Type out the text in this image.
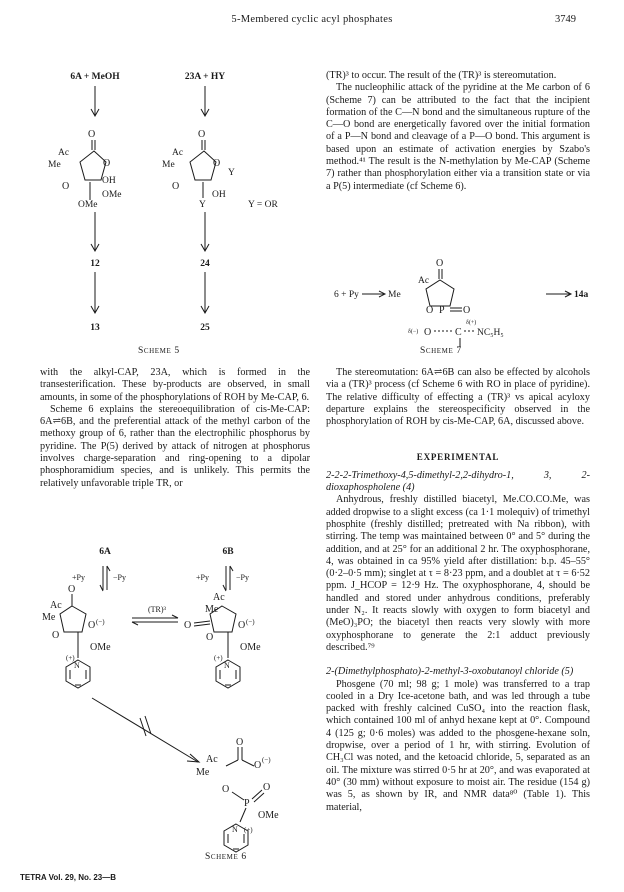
5-Membered cyclic acyl phosphates	3749
6A + MeOH	23A + HY
O
Ac
Me	O
OH
O
OMe
OMe
O
Ac
Me	O
Y
O
OH
Y	Y = OR
12	24
13	25
Scheme 5

with the alkyl-CAP, 23A, which is formed in the transesterification. These by-products are observed, in small amounts, in some of the phosphorylations of ROH by Me-CAP, 6.

Scheme 6 explains the stereoequilibration of cis-Me-CAP: 6A⇌6B, and the preferential attack of the methyl carbon of the methoxy group of 6, rather than the electrophilic phosphorus by pyridine. The P(5) derived by attack of nitrogen at phosphorus involves charge-separation and ring-opening to a dipolar phosphoramidium species, and is unlikely. This permits the relatively unfavorable triple TR, or

6A	6B
+Py	−Py	+Py	−Py
Ac
Me
O
O
O (−)
OMe
(+)
N
(TR)³
Ac
Me
O	O (−)
O
OMe
(+)
N
Ac
Me
O
O (−)
O
P
O
OMe
(+)
N
Scheme 6

(TR)³ to occur. The result of the (TR)³ is stereomutation.

The nucleophilic attack of the pyridine at the Me carbon of 6 (Scheme 7) can be attributed to the fact that the incipient formation of the C—N bond and the simultaneous rupture of the C—O bond are energetically favored over the initial formation of a P—N bond and cleavage of a P—O bond. This argument is based upon an estimate of activation energies by Szabo's method.⁴¹ The result is the N-methylation by Me-CAP (Scheme 7) rather than phosphorylation either via a transition state or via a P(5) intermediate (cf Scheme 6).

6 + Py
O
Ac
Me
O P O
δ(+)
δ(−) O C NC₅H₅
14a
Scheme 7

The stereomutation: 6A⇌6B can also be effected by alcohols via a (TR)³ process (cf Scheme 6 with RO in place of pyridine). The relative difficulty of effecting a (TR)³ vs apical acyloxy departure explains the stereospecificity observed in the phosphorylation of ROH by cis-Me-CAP, 6A, discussed above.

EXPERIMENTAL

2-2-2-Trimethoxy-4,5-dimethyl-2,2-dihydro-1, 3, 2-dioxaphospholene (4)

Anhydrous, freshly distilled biacetyl, Me.CO.CO.Me, was added dropwise to a slight excess (ca 1·1 molequiv) of trimethyl phosphite (freshly distilled; pretreated with Na ribbon), with stirring. The temp was maintained between 0° and 5° during the addition, and at 25° for an additional 2 hr. The oxyphosphorane, 4, was obtained in ca 95% yield after distillation: b.p. 45–55° (0·2–0·5 mm); singlet at τ = 8·23 ppm, and a doublet at τ = 6·52 ppm. J_HCOP = 12·9 Hz. The oxyphosphorane, 4, should be handled and stored under anhydrous conditions, preferably under N₂. It reacts slowly with oxygen to form biacetyl and (MeO)₃PO; the biacetyl then reacts very slowly with more oxyphosphorane to generate the 2:1 adduct previously described.⁷⁹

2-(Dimethylphosphato)-2-methyl-3-oxobutanoyl chloride (5)

Phosgene (70 ml; 98 g; 1 mole) was transferred to a trap cooled in a Dry Ice-acetone bath, and was led through a tube packed with freshly calcined CuSO₄ into the reaction flask, which contained 100 ml of anhyd hexane kept at 0°. Compound 4 (125 g; 0·6 moles) was added to the phosgene-hexane soln, dropwise, over a period of 1 hr, with stirring. Evolution of CH₃Cl was noted, and the ketoacid chloride, 5, separated as an oil. The mixture was stirred 0·5 hr at 20°, and was evaporated at 40° (30 mm) without exposure to moist air. The residue (154 g) was 5, as shown by IR, and NMR data⁸⁰ (Table 1). This material,

TETRA Vol. 29, No. 23—B
